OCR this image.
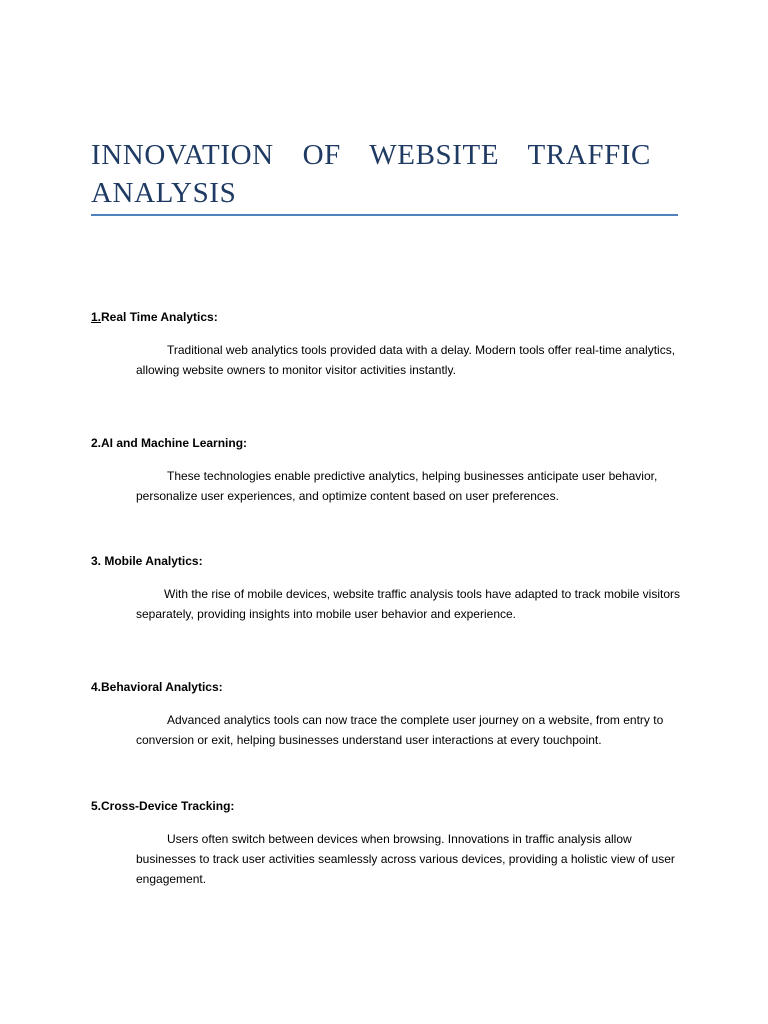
INNOVATION OF WEBSITE TRAFFIC ANALYSIS

1.Real Time Analytics:

Traditional web analytics tools provided data with a delay. Modern tools offer real-time analytics, allowing website owners to monitor visitor activities instantly.

2.AI and Machine Learning:

These technologies enable predictive analytics, helping businesses anticipate user behavior, personalize user experiences, and optimize content based on user preferences.

3. Mobile Analytics:

With the rise of mobile devices, website traffic analysis tools have adapted to track mobile visitors separately, providing insights into mobile user behavior and experience.

4.Behavioral Analytics:

Advanced analytics tools can now trace the complete user journey on a website, from entry to conversion or exit, helping businesses understand user interactions at every touchpoint.

5.Cross-Device Tracking:

Users often switch between devices when browsing. Innovations in traffic analysis allow businesses to track user activities seamlessly across various devices, providing a holistic view of user engagement.
